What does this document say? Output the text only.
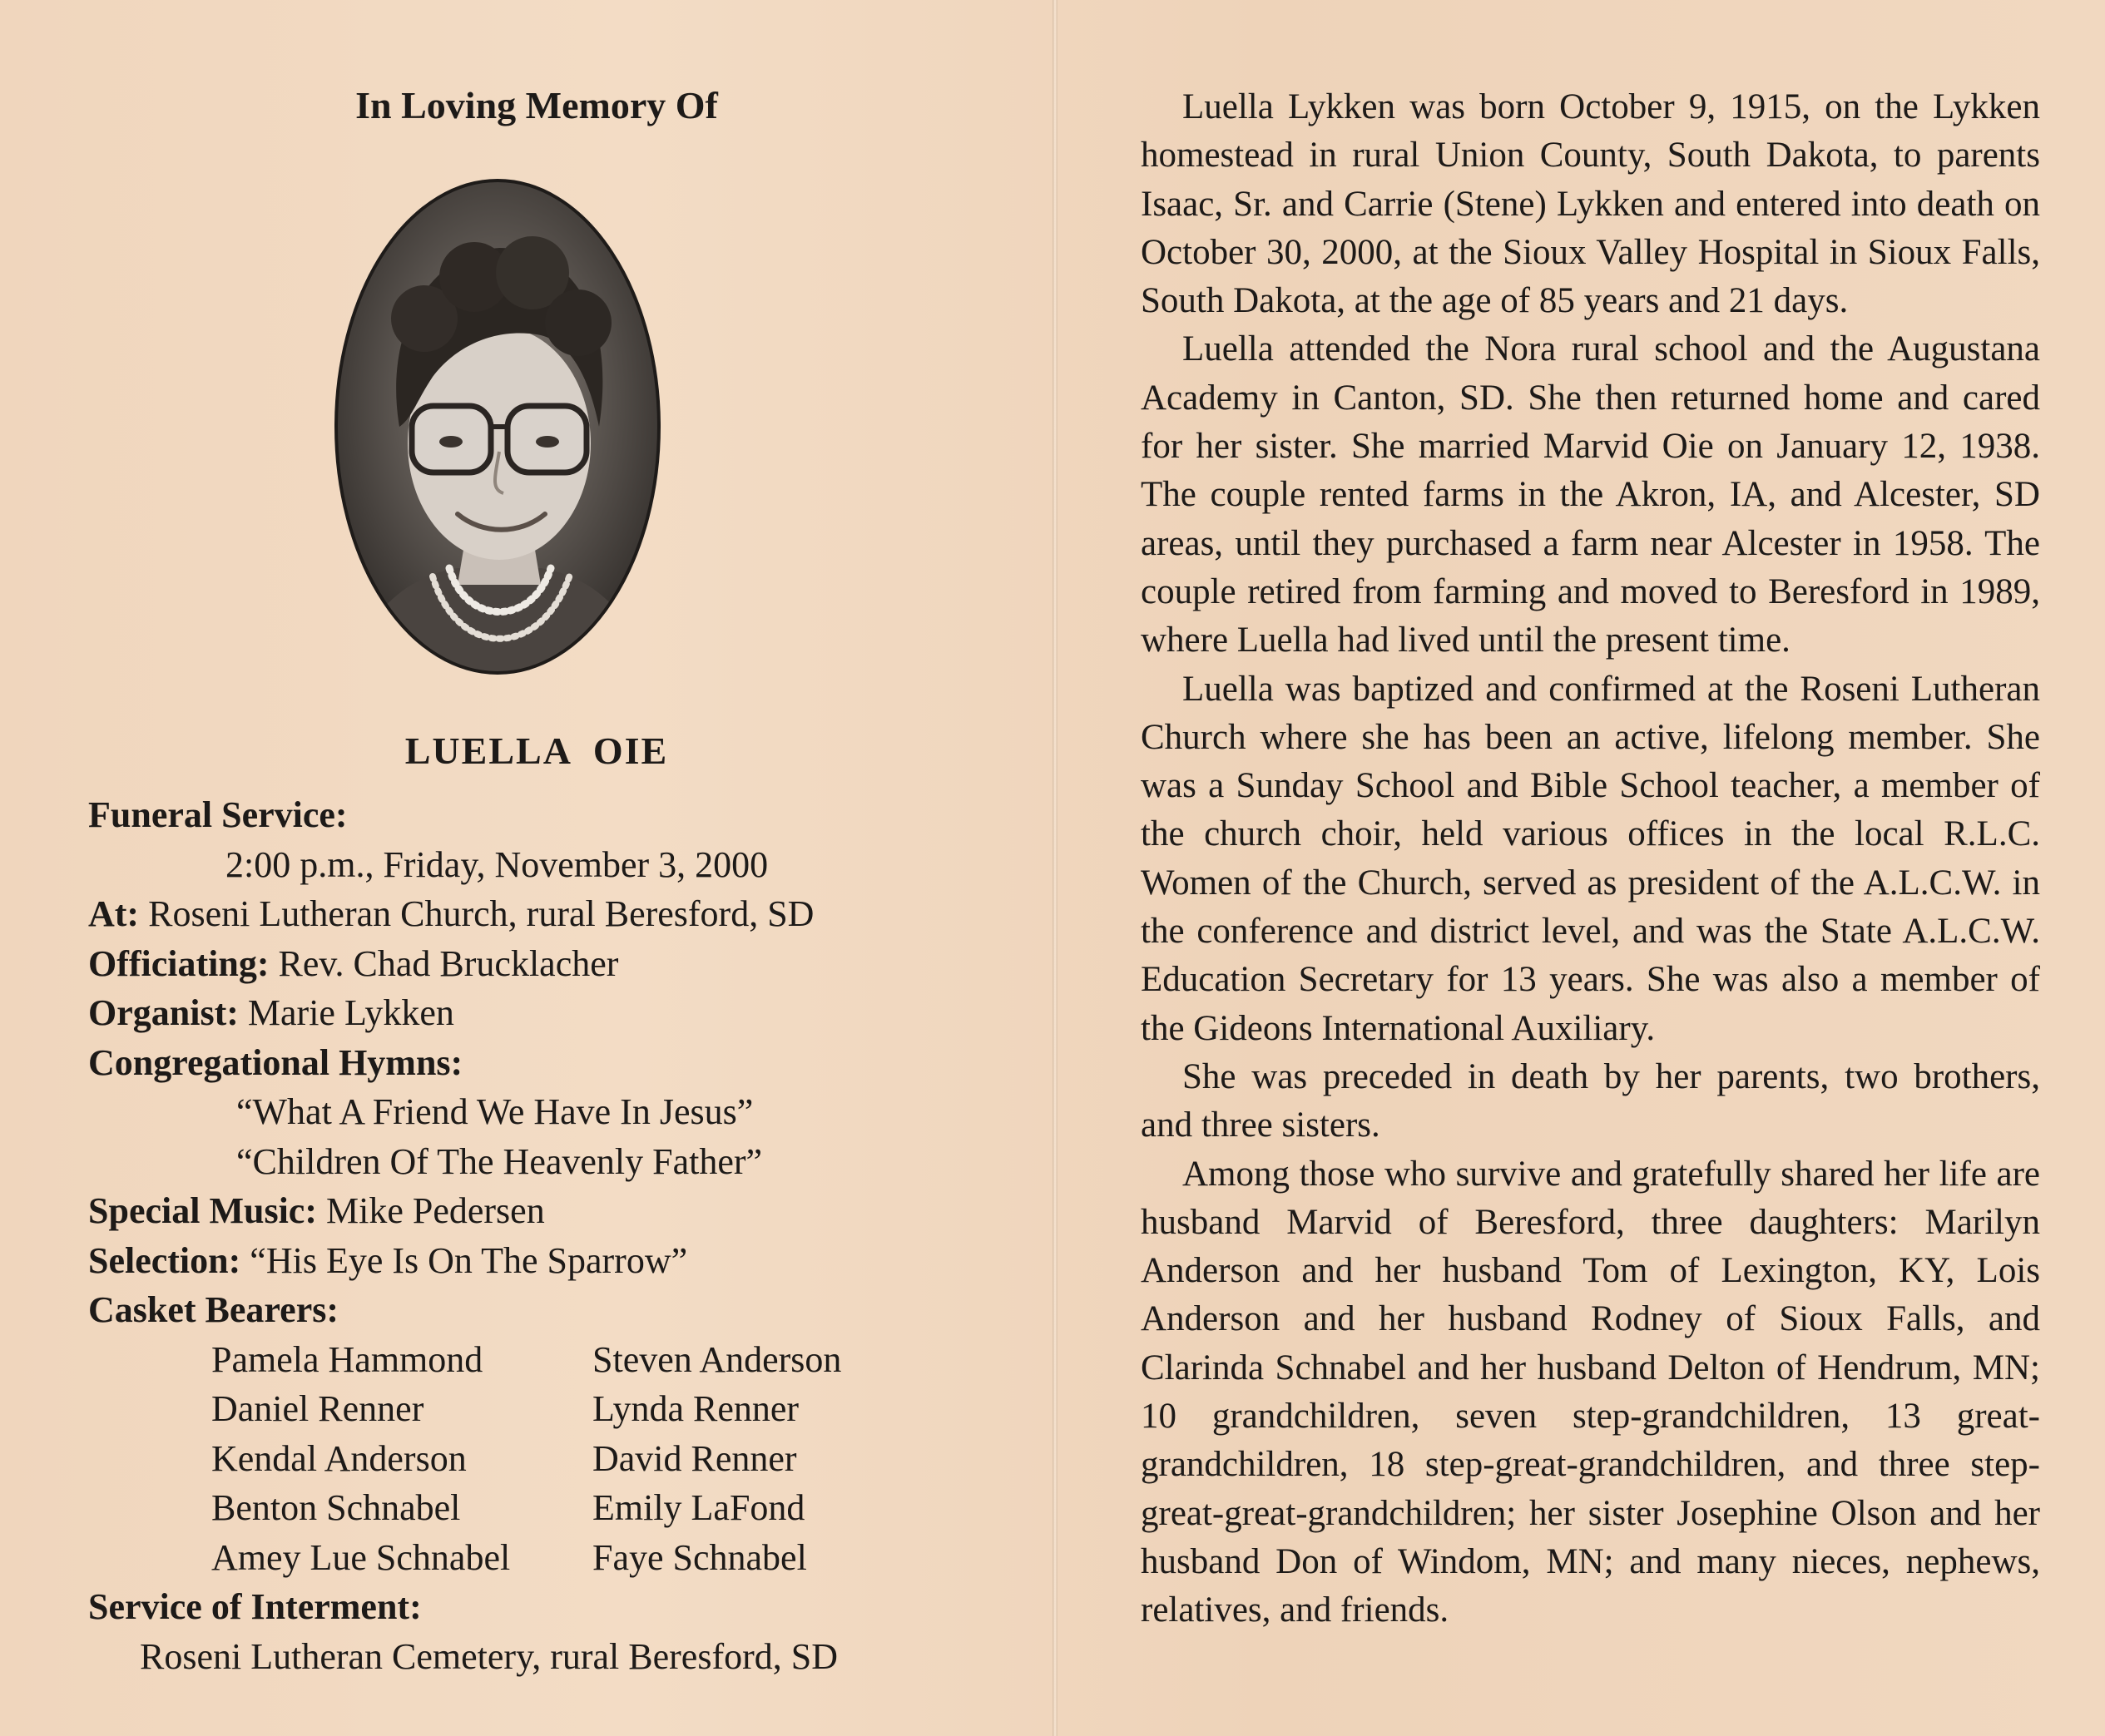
In Loving Memory Of
LUELLA OIE
Funeral Service:
2:00 p.m., Friday, November 3, 2000
At: Roseni Lutheran Church, rural Beresford, SD
Officiating: Rev. Chad Brucklacher
Organist: Marie Lykken
Congregational Hymns:
“What A Friend We Have In Jesus”
“Children Of The Heavenly Father”
Special Music: Mike Pedersen
Selection: “His Eye Is On The Sparrow”
Casket Bearers:
Pamela Hammond	Steven Anderson
Daniel Renner	Lynda Renner
Kendal Anderson	David Renner
Benton Schnabel	Emily LaFond
Amey Lue Schnabel	Faye Schnabel
Service of Interment:
Roseni Lutheran Cemetery, rural Beresford, SD

Luella Lykken was born October 9, 1915, on the Lykken homestead in rural Union County, South Dakota, to parents Isaac, Sr. and Carrie (Stene) Lykken and entered into death on October 30, 2000, at the Sioux Valley Hospital in Sioux Falls, South Dakota, at the age of 85 years and 21 days.

Luella attended the Nora rural school and the Augustana Academy in Canton, SD. She then returned home and cared for her sister. She married Marvid Oie on January 12, 1938. The couple rented farms in the Akron, IA, and Alcester, SD areas, until they purchased a farm near Alcester in 1958. The couple retired from farming and moved to Beresford in 1989, where Luella had lived until the present time.

Luella was baptized and confirmed at the Roseni Lutheran Church where she has been an active, lifelong member. She was a Sunday School and Bible School teacher, a member of the church choir, held various offices in the local R.L.C. Women of the Church, served as president of the A.L.C.W. in the conference and district level, and was the State A.L.C.W. Education Secretary for 13 years. She was also a member of the Gideons International Auxiliary.

She was preceded in death by her parents, two brothers, and three sisters.

Among those who survive and gratefully shared her life are husband Marvid of Beresford, three daughters: Marilyn Anderson and her husband Tom of Lexington, KY, Lois Anderson and her husband Rodney of Sioux Falls, and Clarinda Schnabel and her husband Delton of Hendrum, MN; 10 grandchildren, seven step-grandchildren, 13 great-grandchildren, 18 step-great-grandchildren, and three step-great-great-grandchildren; her sister Josephine Olson and her husband Don of Windom, MN; and many nieces, nephews, relatives, and friends.
